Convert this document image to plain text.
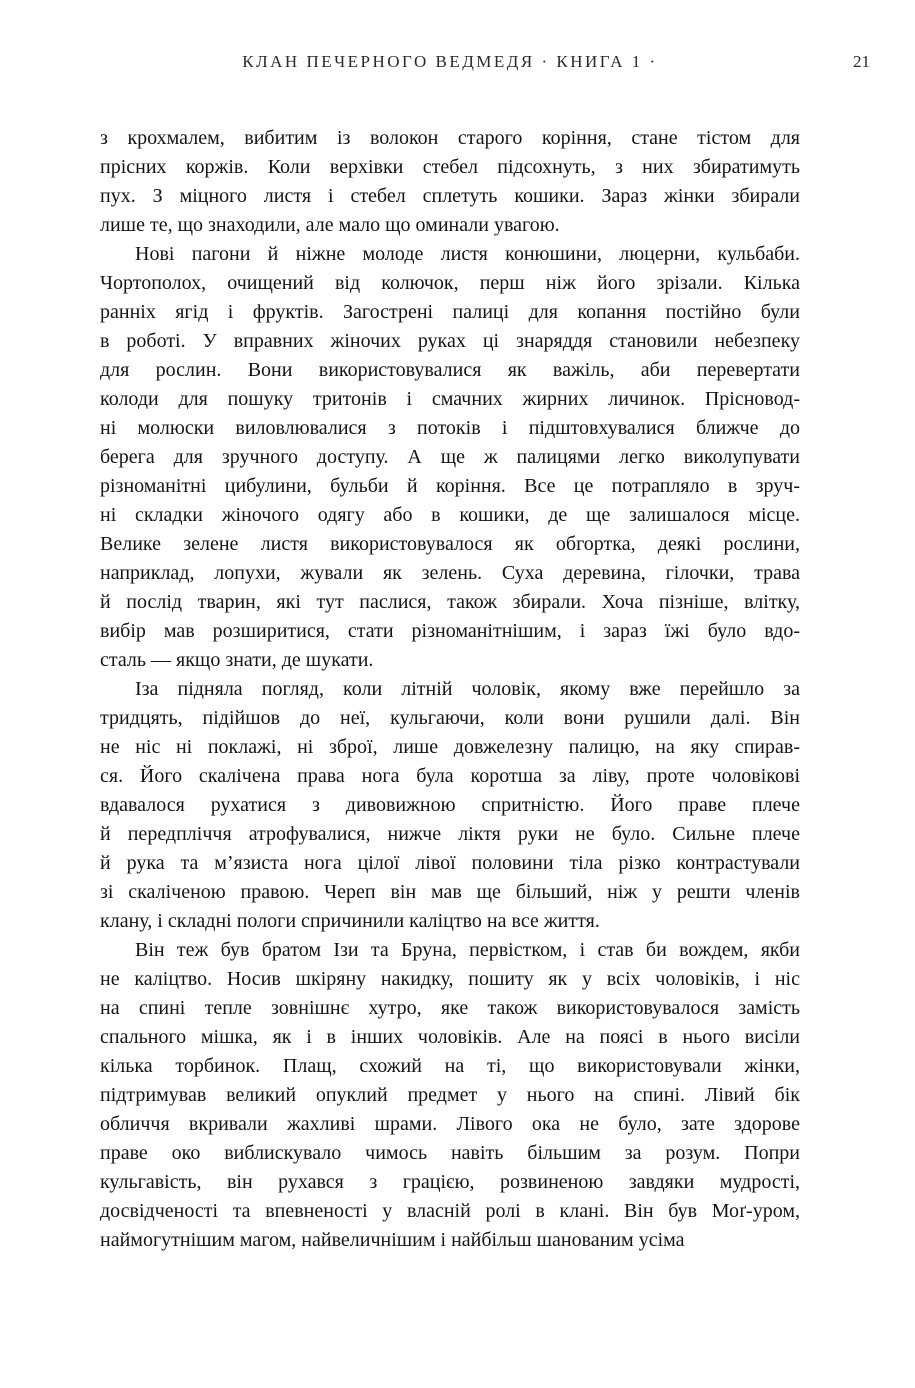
КЛАН ПЕЧЕРНОГО ВЕДМЕДЯ · КНИГА 1 ·	21
з крохмалем, вибитим із волокон старого коріння, стане тістом для
прісних коржів. Коли верхівки стебел підсохнуть, з них збиратимуть
пух. З міцного листя і стебел сплетуть кошики. Зараз жінки збирали
лише те, що знаходили, але мало що оминали увагою.
Нові пагони й ніжне молоде листя конюшини, люцерни, кульбаби.
Чортополох, очищений від колючок, перш ніж його зрізали. Кілька
ранніх ягід і фруктів. Загострені палиці для копання постійно були
в роботі. У вправних жіночих руках ці знаряддя становили небезпеку
для рослин. Вони використовувалися як важіль, аби перевертати
колоди для пошуку тритонів і смачних жирних личинок. Прісновод-
ні молюски виловлювалися з потоків і підштовхувалися ближче до
берега для зручного доступу. А ще ж палицями легко виколупувати
різноманітні цибулини, бульби й коріння. Все це потрапляло в зруч-
ні складки жіночого одягу або в кошики, де ще залишалося місце.
Велике зелене листя використовувалося як обгортка, деякі рослини,
наприклад, лопухи, жували як зелень. Суха деревина, гілочки, трава
й послід тварин, які тут паслися, також збирали. Хоча пізніше, влітку,
вибір мав розширитися, стати різноманітнішим, і зараз їжі було вдо-
сталь — якщо знати, де шукати.
Іза підняла погляд, коли літній чоловік, якому вже перейшло за
тридцять, підійшов до неї, кульгаючи, коли вони рушили далі. Він
не ніс ні поклажі, ні зброї, лише довжелезну палицю, на яку спирав-
ся. Його скалічена права нога була коротша за ліву, проте чоловікові
вдавалося рухатися з дивовижною спритністю. Його праве плече
й передпліччя атрофувалися, нижче ліктя руки не було. Сильне плече
й рука та м’язиста нога цілої лівої половини тіла різко контрастували
зі скаліченою правою. Череп він мав ще більший, ніж у решти членів
клану, і складні пологи спричинили каліцтво на все життя.
Він теж був братом Ізи та Бруна, первістком, і став би вождем, якби
не каліцтво. Носив шкіряну накидку, пошиту як у всіх чоловіків, і ніс
на спині тепле зовнішнє хутро, яке також використовувалося замість
спального мішка, як і в інших чоловіків. Але на поясі в нього висіли
кілька торбинок. Плащ, схожий на ті, що використовували жінки,
підтримував великий опуклий предмет у нього на спині. Лівий бік
обличчя вкривали жахливі шрами. Лівого ока не було, зате здорове
праве око виблискувало чимось навіть більшим за розум. Попри
кульгавість, він рухався з грацією, розвиненою завдяки мудрості,
досвідченості та впевненості у власній ролі в клані. Він був Моґ-уром,
наймогутнішим магом, найвеличнішим і найбільш шанованим усіма
